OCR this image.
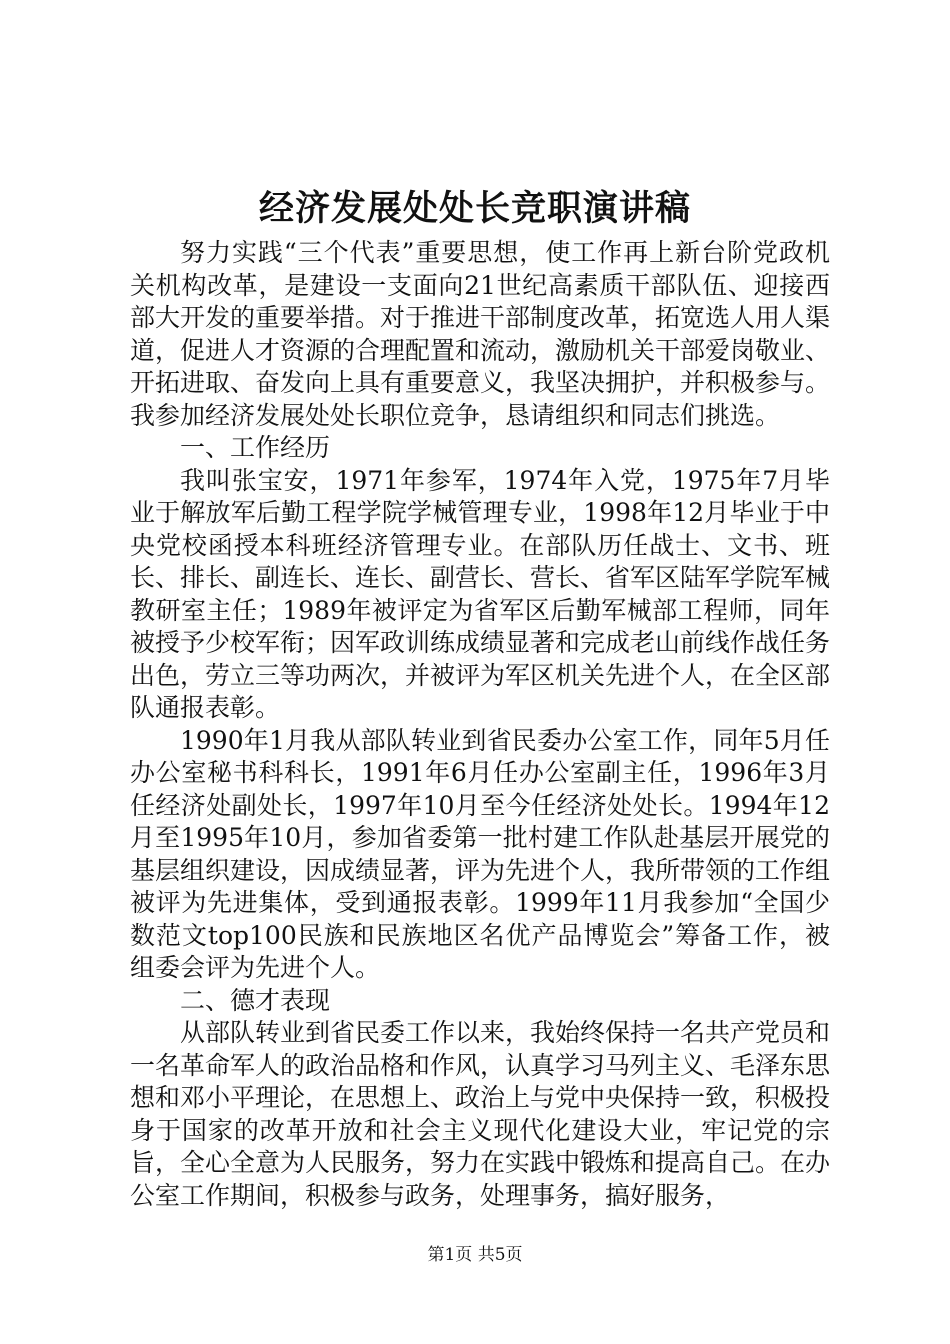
经济发展处处长竞职演讲稿

努力实践“三个代表”重要思想，使工作再上新台阶党政机关机构改革，是建设一支面向21世纪高素质干部队伍、迎接西部大开发的重要举措。对于推进干部制度改革，拓宽选人用人渠道，促进人才资源的合理配置和流动，激励机关干部爱岗敬业、开拓进取、奋发向上具有重要意义，我坚决拥护，并积极参与。我参加经济发展处处长职位竞争，恳请组织和同志们挑选。

一、工作经历

我叫张宝安，1971年参军，1974年入党，1975年7月毕业于解放军后勤工程学院学械管理专业，1998年12月毕业于中央党校函授本科班经济管理专业。在部队历任战士、文书、班长、排长、副连长、连长、副营长、营长、省军区陆军学院军械教研室主任；1989年被评定为省军区后勤军械部工程师，同年被授予少校军衔；因军政训练成绩显著和完成老山前线作战任务出色，劳立三等功两次，并被评为军区机关先进个人，在全区部队通报表彰。

1990年1月我从部队转业到省民委办公室工作，同年5月任办公室秘书科科长，1991年6月任办公室副主任，1996年3月任经济处副处长，1997年10月至今任经济处处长。1994年12月至1995年10月，参加省委第一批村建工作队赴基层开展党的基层组织建设，因成绩显著，评为先进个人，我所带领的工作组被评为先进集体，受到通报表彰。1999年11月我参加“全国少数范文top100民族和民族地区名优产品博览会”筹备工作，被组委会评为先进个人。

二、德才表现

从部队转业到省民委工作以来，我始终保持一名共产党员和一名革命军人的政治品格和作风，认真学习马列主义、毛泽东思想和邓小平理论，在思想上、政治上与党中央保持一致，积极投身于国家的改革开放和社会主义现代化建设大业，牢记党的宗旨，全心全意为人民服务，努力在实践中锻炼和提高自己。在办公室工作期间，积极参与政务，处理事务，搞好服务，

第1页 共5页
